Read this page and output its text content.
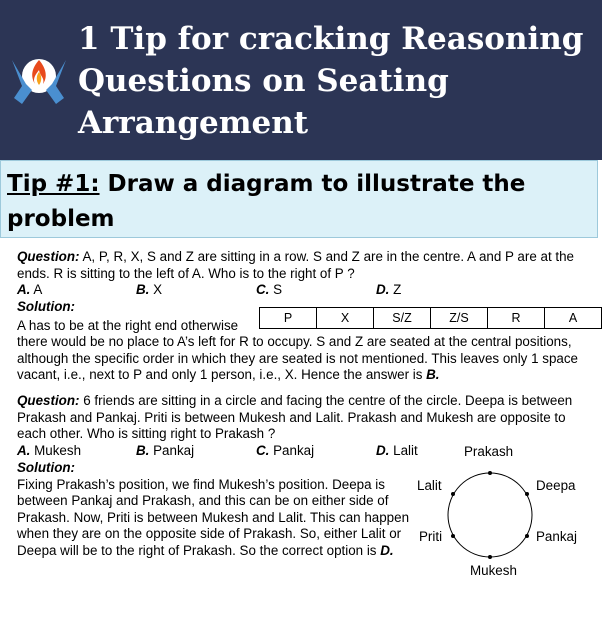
1 Tip for cracking Reasoning Questions on Seating Arrangement
Tip #1: Draw a diagram to illustrate the problem
Question: A, P, R, X, S and Z are sitting in a row. S and Z are in the centre. A and P are at the ends. R is sitting to the left of A. Who is to the right of P ?
A. A	B. X	C. S	D. Z
Solution:
A has to be at the right end otherwise	P	X	S/Z	Z/S	R	A
there would be no place to A’s left for R to occupy. S and Z are seated at the central positions, although the specific order in which they are seated is not mentioned. This leaves only 1 space vacant, i.e., next to P and only 1 person, i.e., X. Hence the answer is B.
Question: 6 friends are sitting in a circle and facing the centre of the circle. Deepa is between Prakash and Pankaj. Priti is between Mukesh and Lalit. Prakash and Mukesh are opposite to each other. Who is sitting right to Prakash ?
A. Mukesh	B. Pankaj	C. Pankaj	D. Lalit
Solution:
Fixing Prakash’s position, we find Mukesh’s position. Deepa is between Pankaj and Prakash, and this can be on either side of Prakash. Now, Priti is between Mukesh and Lalit. This can happen when they are on the opposite side of Prakash. So, either Lalit or Deepa will be to the right of Prakash. So the correct option is D.
Prakash
Deepa
Pankaj
Mukesh
Priti
Lalit
